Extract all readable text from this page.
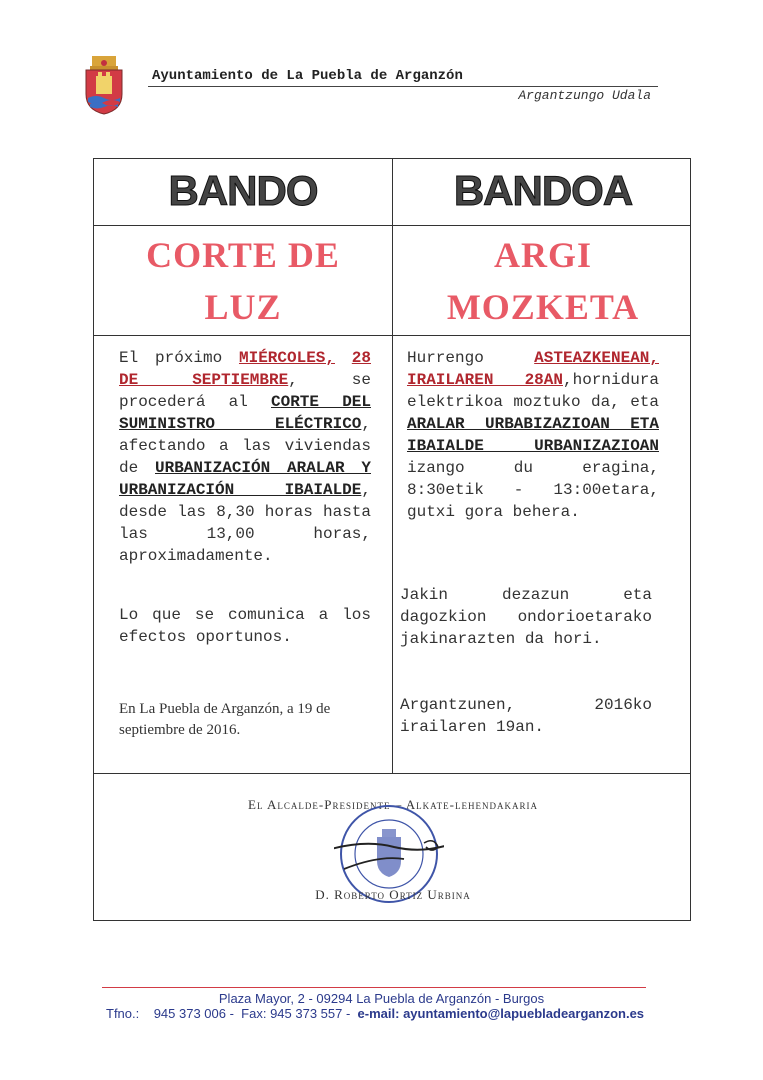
Ayuntamiento de La Puebla de Arganzón
Argantzungo Udala
BANDO	BANDOA
CORTE DE
LUZ
ARGI
MOZKETA
El próximo MIÉRCOLES, 28 DE SEPTIEMBRE, se procederá al CORTE DEL SUMINISTRO ELÉCTRICO, afectando a las viviendas de URBANIZACIÓN ARALAR Y URBANIZACIÓN IBAIALDE, desde las 8,30 horas hasta las 13,00 horas, aproximadamente.
Lo que se comunica a los efectos oportunos.
En La Puebla de Arganzón, a 19 de septiembre de 2016.
Hurrengo ASTEAZKENEAN, IRAILAREN 28AN,hornidura elektrikoa moztuko da, eta ARALAR URBABIZAZIOAN ETA IBAIALDE URBANIZAZIOAN izango du eragina, 8:30etik - 13:00etara, gutxi gora behera.
Jakin dezazun eta dagozkion ondorioetarako jakinarazten da hori.
Argantzunen, 2016ko irailaren 19an.
El Alcalde-Presidente – Alkate-lehendakaria
D. Roberto Ortiz Urbina
Plaza Mayor, 2 - 09294 La Puebla de Arganzón - Burgos
Tfno.: 945 373 006 -  Fax: 945 373 557 -  e-mail: ayuntamiento@lapuebladearganzon.es
